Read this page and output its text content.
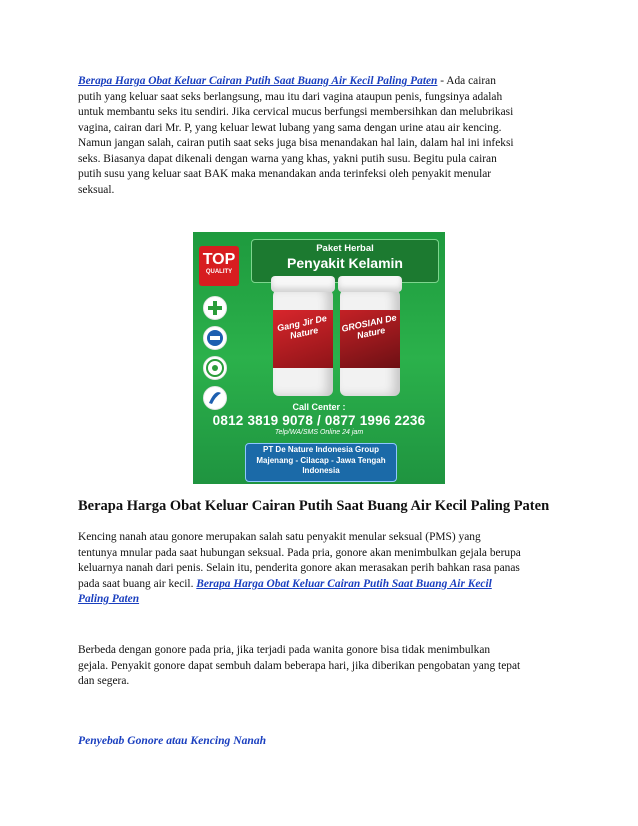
Berapa Harga Obat Keluar Cairan Putih Saat Buang Air Kecil Paling Paten - Ada cairan
putih yang keluar saat seks berlangsung, mau itu dari vagina ataupun penis, fungsinya adalah
untuk membantu seks itu sendiri. Jika cervical mucus berfungsi membersihkan dan melubrikasi
vagina, cairan dari Mr. P, yang keluar lewat lubang yang sama dengan urine atau air kencing.
Namun jangan salah, cairan putih saat seks juga bisa menandakan hal lain, dalam hal ini infeksi
seks. Biasanya dapat dikenali dengan warna yang khas, yakni putih susu. Begitu pula cairan
putih susu yang keluar saat BAK maka menandakan anda terinfeksi oleh penyakit menular
seksual.

TOP
QUALITY
Paket Herbal
Penyakit Kelamin
Gang Jir De Nature	GROSIAN De Nature
Call Center :
0812 3819 9078 / 0877 1996 2236
Telp/WA/SMS Online 24 jam
PT De Nature Indonesia Group
Majenang - Cilacap - Jawa Tengah
Indonesia
Berapa Harga Obat Keluar Cairan Putih Saat Buang Air Kecil Paling Paten

Kencing nanah atau gonore merupakan salah satu penyakit menular seksual (PMS) yang
tentunya mnular pada saat hubungan seksual. Pada pria, gonore akan menimbulkan gejala berupa
keluarnya nanah dari penis. Selain itu, penderita gonore akan merasakan perih bahkan rasa panas
pada saat buang air kecil. Berapa Harga Obat Keluar Cairan Putih Saat Buang Air Kecil
Paling Paten

Berbeda dengan gonore pada pria, jika terjadi pada wanita gonore bisa tidak menimbulkan
gejala. Penyakit gonore dapat sembuh dalam beberapa hari, jika diberikan pengobatan yang tepat
dan segera.

Penyebab Gonore atau Kencing Nanah
